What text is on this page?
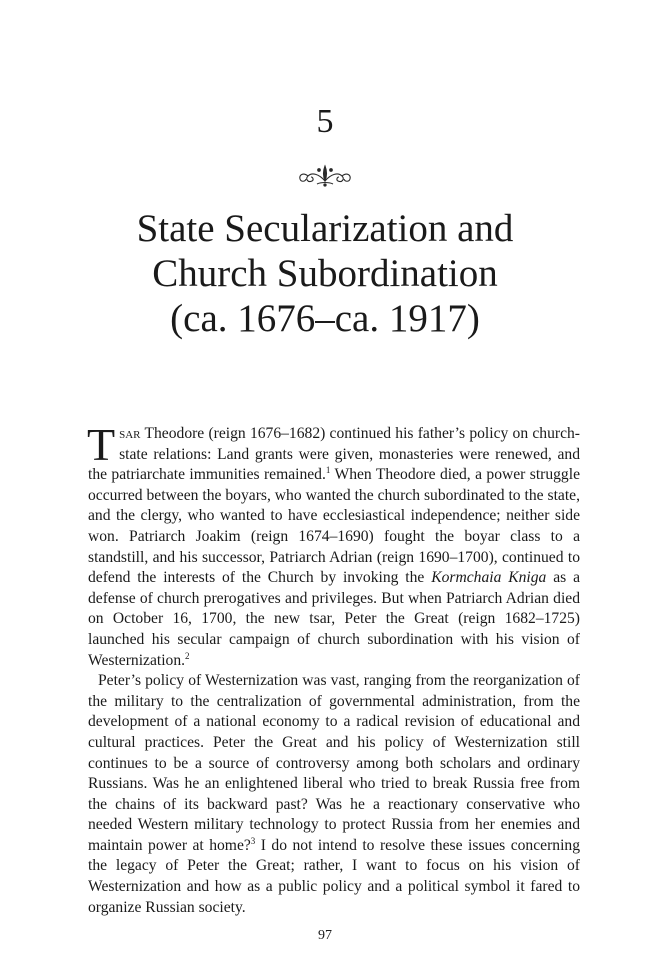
5
State Secularization and
Church Subordination
(ca. 1676–ca. 1917)

Tsar Theodore (reign 1676–1682) continued his father’s policy on church-state relations: Land grants were given, monasteries were renewed, and the patriarchate immunities remained.$^1$ When Theodore died, a power struggle occurred between the boyars, who wanted the church subordinated to the state, and the clergy, who wanted to have ecclesiastical independence; neither side won. Patriarch Joakim (reign 1674–1690) fought the boyar class to a standstill, and his successor, Patriarch Adrian (reign 1690–1700), continued to defend the interests of the Church by invoking the Kormchaia Kniga as a defense of church prerogatives and privileges. But when Patriarch Adrian died on October 16, 1700, the new tsar, Peter the Great (reign 1682–1725) launched his secular campaign of church subordination with his vision of Westernization.$^2$

Peter’s policy of Westernization was vast, ranging from the reorganization of the military to the centralization of governmental administration, from the development of a national economy to a radical revision of educational and cultural practices. Peter the Great and his policy of Westernization still continues to be a source of controversy among both scholars and ordinary Russians. Was he an enlightened liberal who tried to break Russia free from the chains of its backward past? Was he a reactionary conservative who needed Western military technology to protect Russia from her enemies and maintain power at home?$^3$ I do not intend to resolve these issues concerning the legacy of Peter the Great; rather, I want to focus on his vision of Westernization and how as a public policy and a political symbol it fared to organize Russian society.

97
